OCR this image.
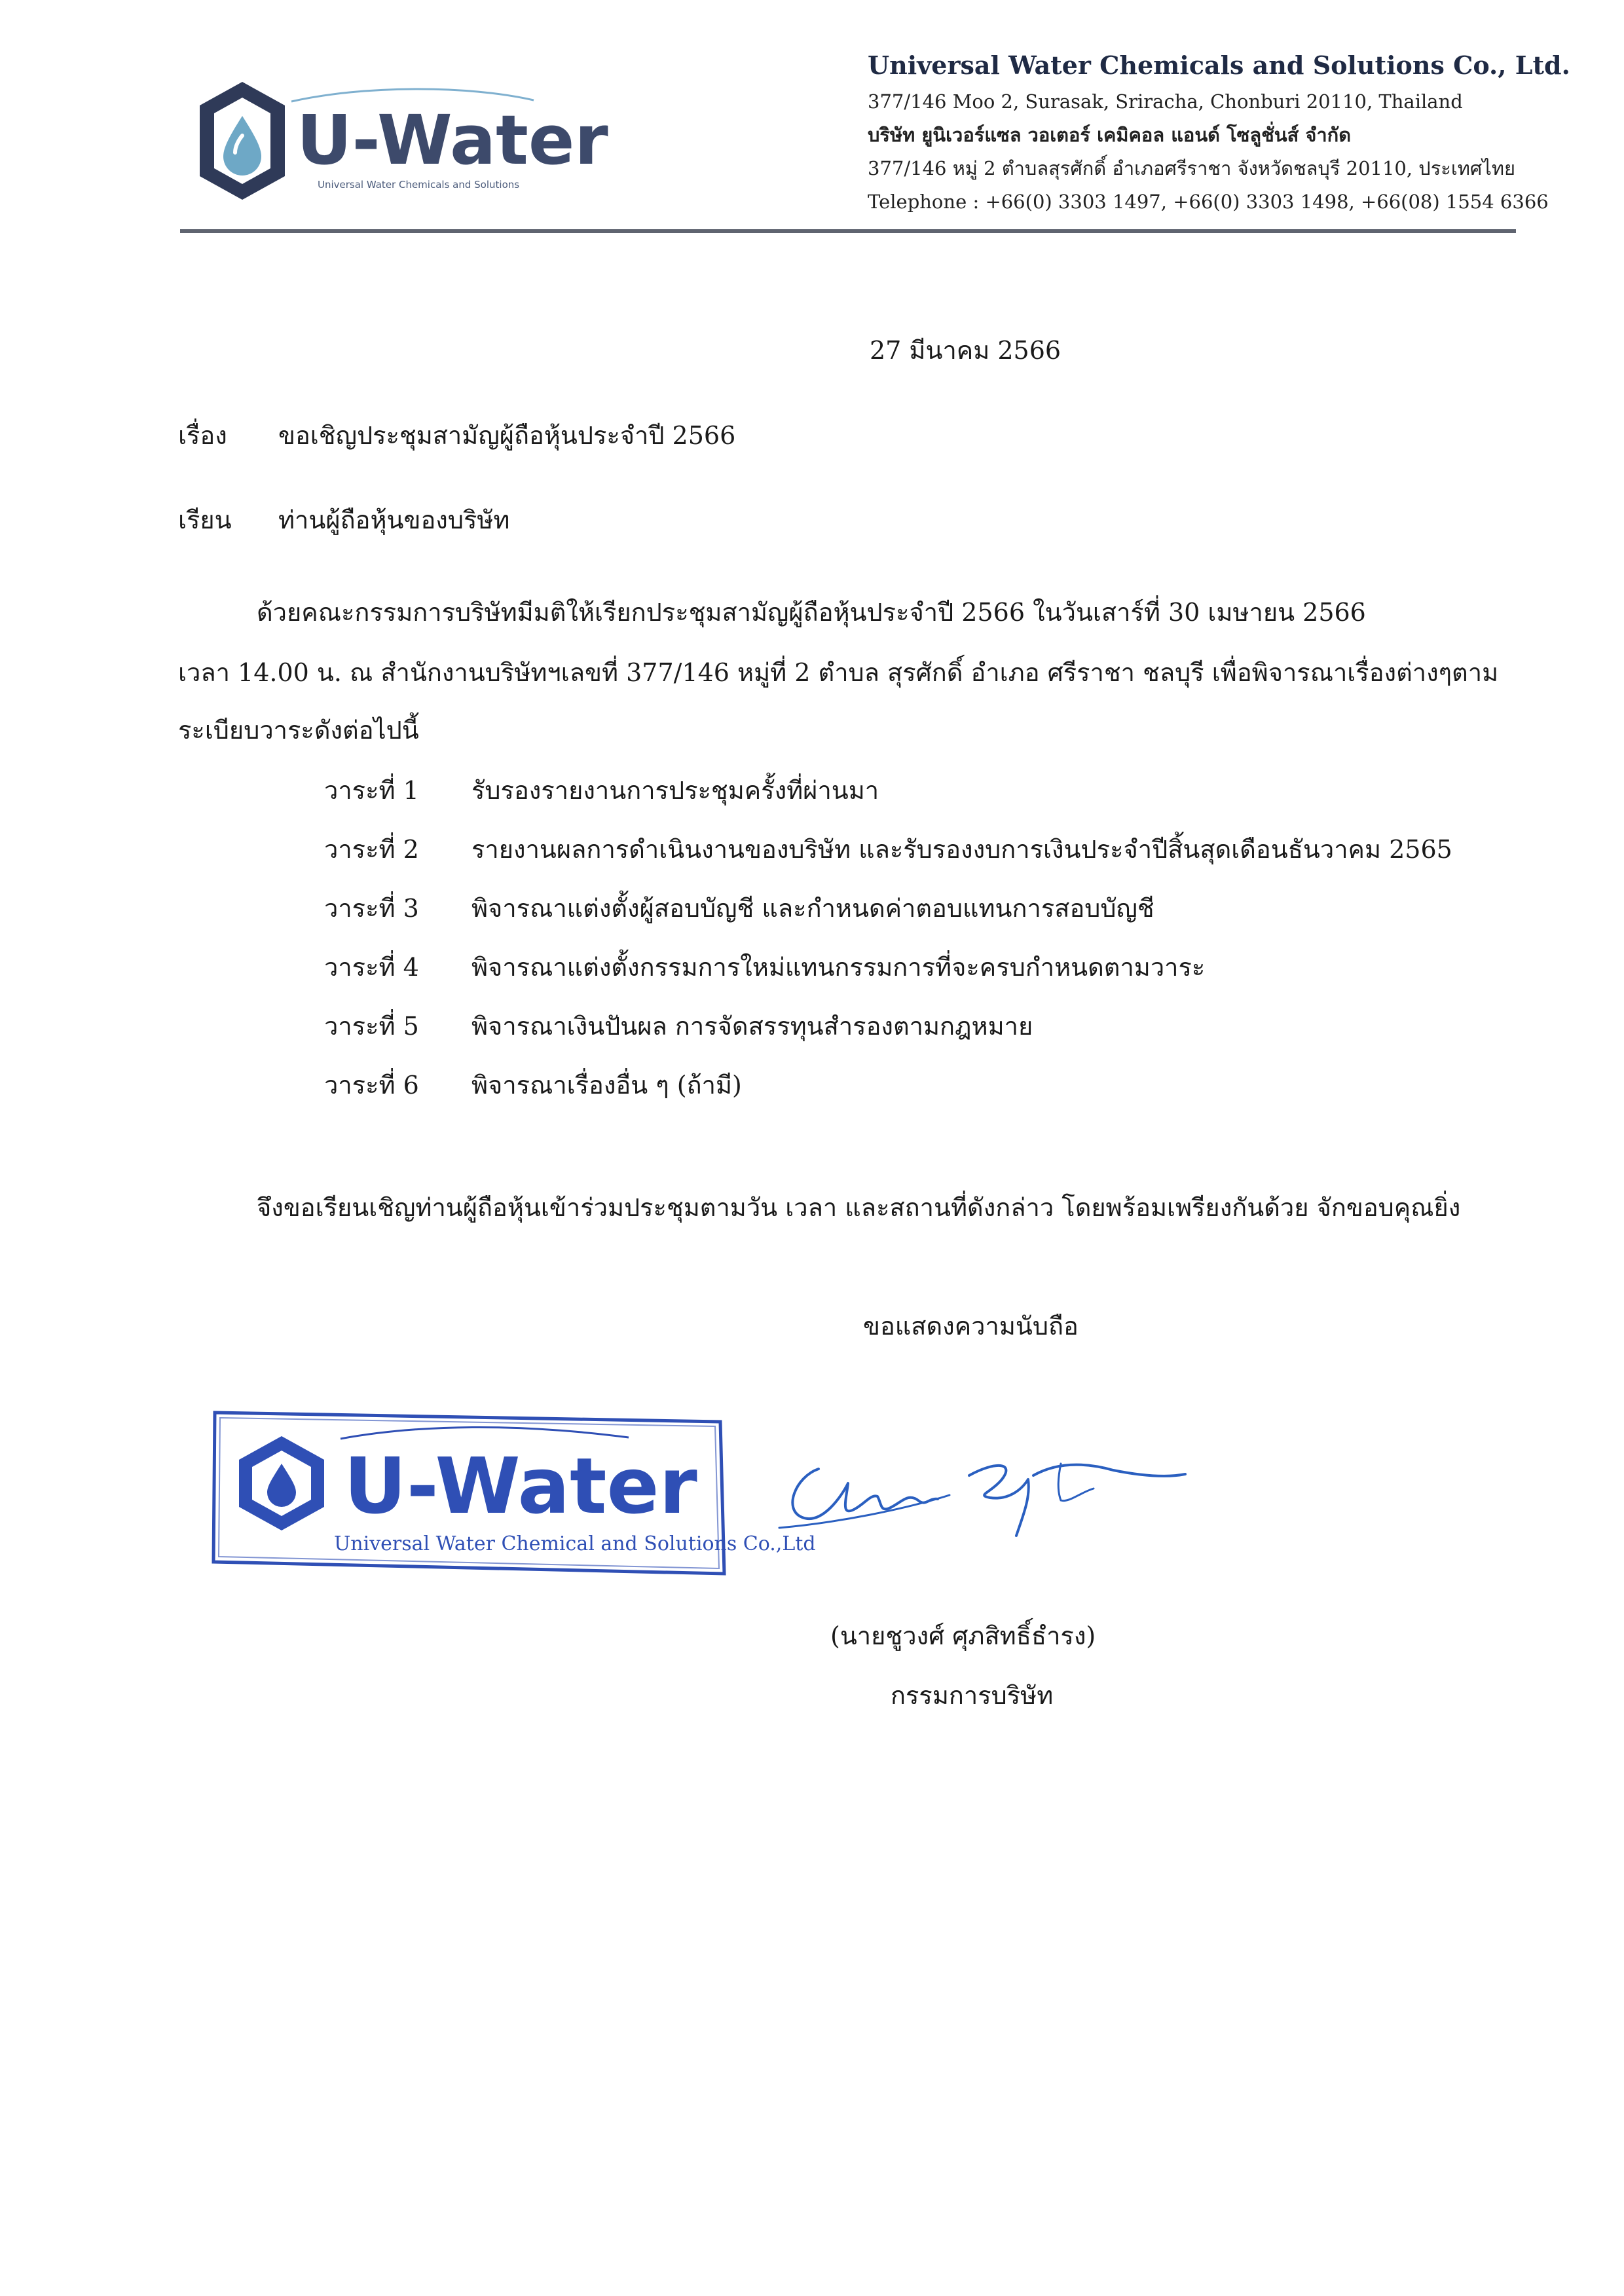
U-Water
Universal Water Chemicals and Solutions
Universal Water Chemicals and Solutions Co., Ltd.
377/146 Moo 2, Surasak, Sriracha, Chonburi 20110, Thailand
บริษัท ยูนิเวอร์แซล วอเตอร์ เคมิคอล แอนด์ โซลูชั่นส์ จำกัด
377/146 หมู่ 2 ตำบลสุรศักดิ์ อำเภอศรีราชา จังหวัดชลบุรี 20110, ประเทศไทย
Telephone : +66(0) 3303 1497, +66(0) 3303 1498, +66(08) 1554 6366
27 มีนาคม 2566
เรื่อง ขอเชิญประชุมสามัญผู้ถือหุ้นประจำปี 2566
เรียน ท่านผู้ถือหุ้นของบริษัท
ด้วยคณะกรรมการบริษัทมีมติให้เรียกประชุมสามัญผู้ถือหุ้นประจำปี 2566 ในวันเสาร์ที่ 30 เมษายน 2566
เวลา 14.00 น. ณ สำนักงานบริษัทฯเลขที่ 377/146 หมู่ที่ 2 ตำบล สุรศักดิ์ อำเภอ ศรีราชา ชลบุรี เพื่อพิจารณาเรื่องต่างๆตาม
ระเบียบวาระดังต่อไปนี้
วาระที่ 1 รับรองรายงานการประชุมครั้งที่ผ่านมา
วาระที่ 2 รายงานผลการดำเนินงานของบริษัท และรับรองงบการเงินประจำปีสิ้นสุดเดือนธันวาคม 2565
วาระที่ 3 พิจารณาแต่งตั้งผู้สอบบัญชี และกำหนดค่าตอบแทนการสอบบัญชี
วาระที่ 4 พิจารณาแต่งตั้งกรรมการใหม่แทนกรรมการที่จะครบกำหนดตามวาระ
วาระที่ 5 พิจารณาเงินปันผล การจัดสรรทุนสำรองตามกฎหมาย
วาระที่ 6 พิจารณาเรื่องอื่น ๆ (ถ้ามี)
จึงขอเรียนเชิญท่านผู้ถือหุ้นเข้าร่วมประชุมตามวัน เวลา และสถานที่ดังกล่าว โดยพร้อมเพรียงกันด้วย จักขอบคุณยิ่ง
ขอแสดงความนับถือ
U-Water
Universal Water Chemical and Solutions Co.,Ltd
(นายชูวงศ์ ศุภสิทธิ์ธำรง)
กรรมการบริษัท
